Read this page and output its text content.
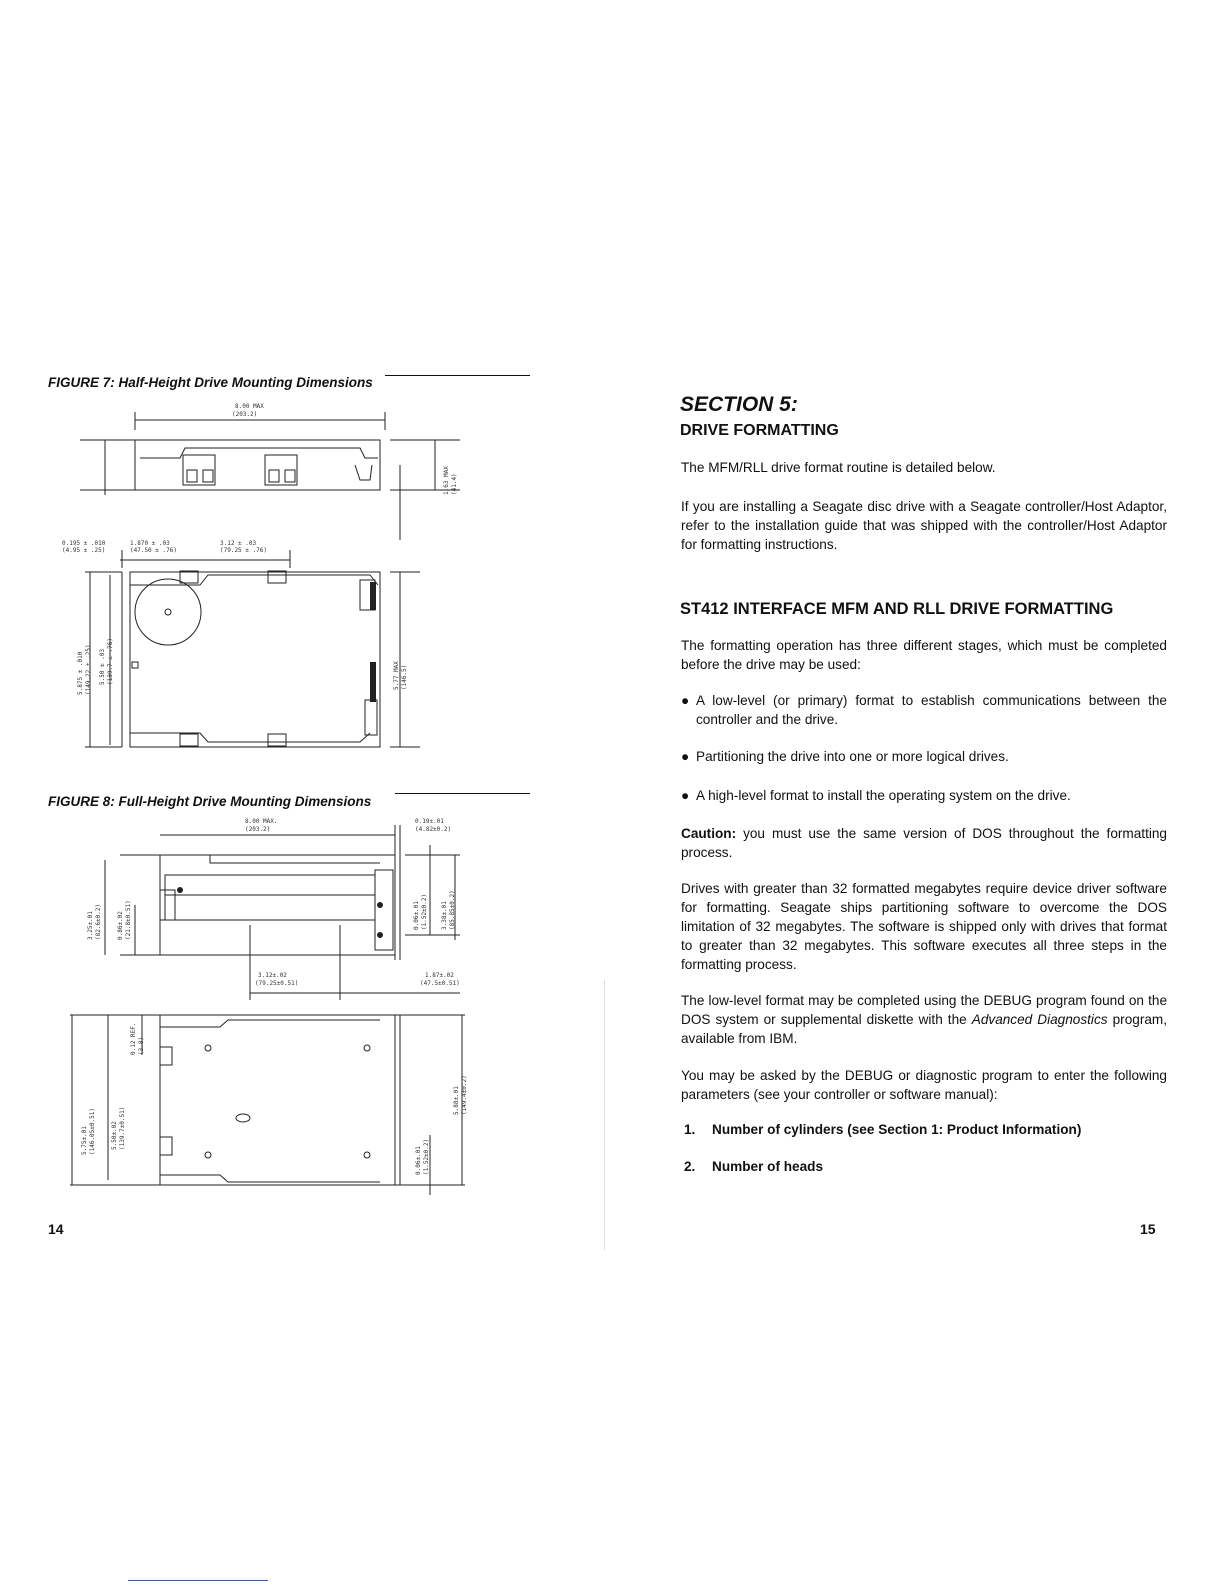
FIGURE 7: Half-Height Drive Mounting Dimensions
8.00 MAX
(203.2)
0.195 ± .010
(4.95 ± .25)
1.870 ± .03
(47.50 ± .76)
3.12 ± .03
(79.25 ± .76)
1.63 MAX (41.4)
5.875 ± .010 (149.22 ± .25) 5.50 ± .03 (139.7 ± .76)	5.77 MAX (146.5)
FIGURE 8: Full-Height Drive Mounting Dimensions
8.00 MAX.
(203.2)
0.19±.01
(4.82±0.2)
3.12±.02
(79.25±0.51)
1.87±.02
(47.5±0.51)
3.25±.01 (82.6±0.2)	0.86±.02 (21.8±0.51)	0.06±.01 (1.52±0.2) 3.38±.01 (85.85±0.2)
5.75±.01 (146.05±0.51)	5.50±.02 (139.7±0.51)
0.12 REF. (3.8)
5.88±.01 (149.4±0.2)
0.06±.01 (1.52±0.2)
14
SECTION 5:
DRIVE FORMATTING
The MFM/RLL drive format routine is detailed below.
If you are installing a Seagate disc drive with a Seagate controller/Host Adaptor, refer to the installation guide that was shipped with the controller/Host Adaptor for formatting instructions.
ST412 INTERFACE MFM AND RLL DRIVE FORMATTING
The formatting operation has three different stages, which must be completed before the drive may be used:
● A low-level (or primary) format to establish communications between the controller and the drive.
● Partitioning the drive into one or more logical drives.
● A high-level format to install the operating system on the drive.
Caution: you must use the same version of DOS throughout the formatting process.
Drives with greater than 32 formatted megabytes require device driver software for formatting. Seagate ships partitioning software to overcome the DOS limitation of 32 megabytes. The software is shipped only with drives that format to greater than 32 megabytes. This software executes all three steps in the formatting process.
The low-level format may be completed using the DEBUG program found on the DOS system or supplemental diskette with the Advanced Diagnostics program, available from IBM.
You may be asked by the DEBUG or diagnostic program to enter the following parameters (see your controller or software manual):
1. Number of cylinders (see Section 1: Product Information)
2. Number of heads
15
